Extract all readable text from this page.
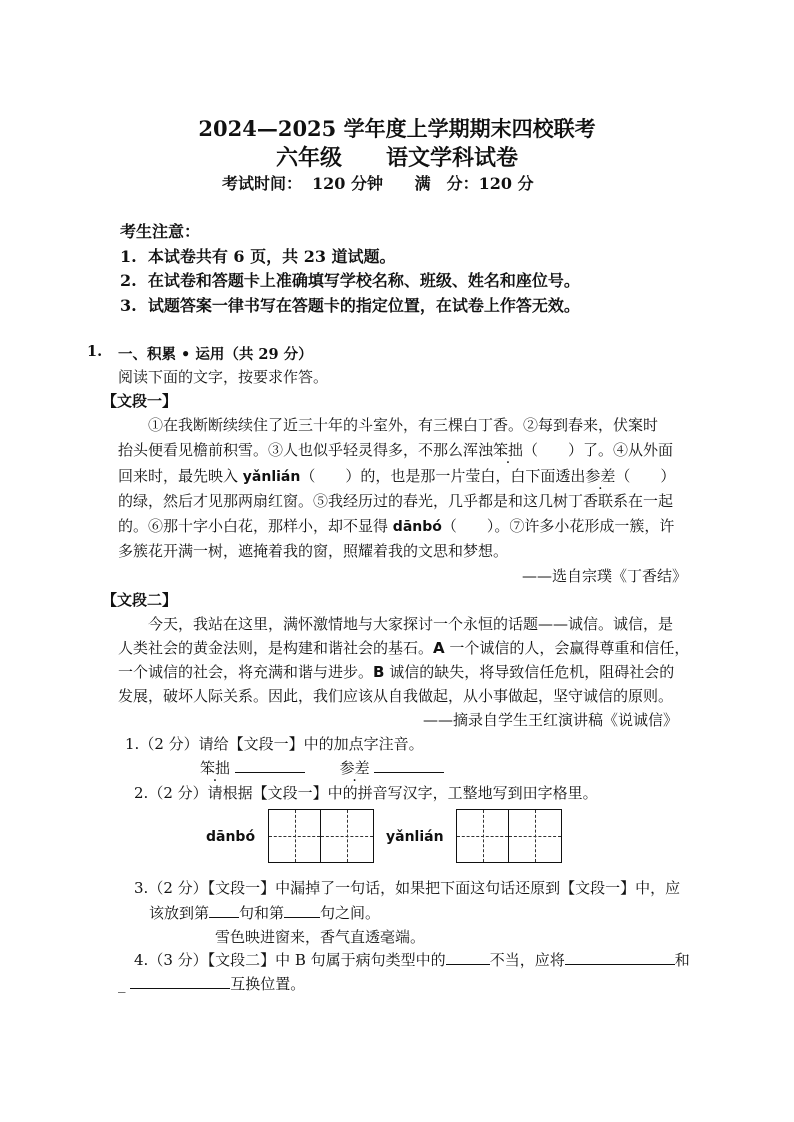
2024—2025 学年度上学期期末四校联考
六年级　　语文学科试卷
考试时间： 120 分钟 满　分：120 分
考生注意：
1. 本试卷共有 6 页，共 23 道试题。
2. 在试卷和答题卡上准确填写学校名称、班级、姓名和座位号。
3. 试题答案一律书写在答题卡的指定位置，在试卷上作答无效。
1. 一、积累 • 运用（共 29 分）
阅读下面的文字，按要求作答。
【文段一】
①在我断断续续住了近三十年的斗室外，有三棵白丁香。②每到春来，伏案时
抬头便看见檐前积雪。③人也似乎轻灵得多，不那么浑浊笨拙（　　）了。④从外面
回来时，最先映入 yǎnlián（　　）的，也是那一片莹白，白下面透出参差（　　）
的绿，然后才见那两扇红窗。⑤我经历过的春光，几乎都是和这几树丁香联系在一起
的。⑥那十字小白花，那样小，却不显得 dānbó（　　）。⑦许多小花形成一簇，许
多簇花开满一树，遮掩着我的窗，照耀着我的文思和梦想。
——选自宗璞《丁香结》
【文段二】
今天，我站在这里，满怀激情地与大家探讨一个永恒的话题——诚信。诚信，是
人类社会的黄金法则，是构建和谐社会的基石。A 一个诚信的人，会赢得尊重和信任，
一个诚信的社会，将充满和谐与进步。B 诚信的缺失，将导致信任危机，阻碍社会的
发展，破坏人际关系。因此，我们应该从自我做起，从小事做起，坚守诚信的原则。
——摘录自学生王红演讲稿《说诚信》
1.（2 分）请给【文段一】中的加点字注音。
笨拙	参差
2.（2 分）请根据【文段一】中的拼音写汉字，工整地写到田字格里。
dānbó	yǎnlián
3.（2 分）【文段一】中漏掉了一句话，如果把下面这句话还原到【文段一】中，应
该放到第 句和第 句之间。
雪色映进窗来，香气直透毫端。
4.（3 分）【文段二】中 B 句属于病句类型中的	不当，应将	和
_	互换位置。
